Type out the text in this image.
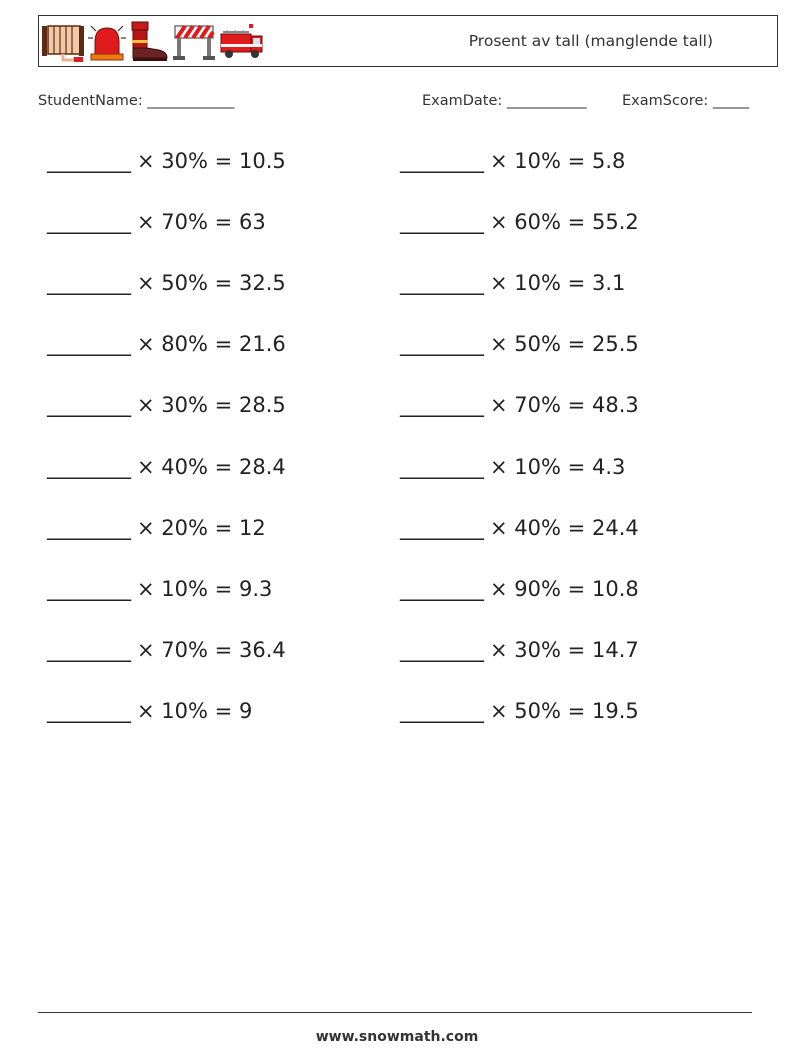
Prosent av tall (manglende tall)
StudentName: ____________	ExamDate: ___________ ExamScore: _____
________ × 30% = 10.5	________ × 10% = 5.8
________ × 70% = 63	________ × 60% = 55.2
________ × 50% = 32.5	________ × 10% = 3.1
________ × 80% = 21.6	________ × 50% = 25.5
________ × 30% = 28.5	________ × 70% = 48.3
________ × 40% = 28.4	________ × 10% = 4.3
________ × 20% = 12	________ × 40% = 24.4
________ × 10% = 9.3	________ × 90% = 10.8
________ × 70% = 36.4	________ × 30% = 14.7
________ × 10% = 9	________ × 50% = 19.5
www.snowmath.com
